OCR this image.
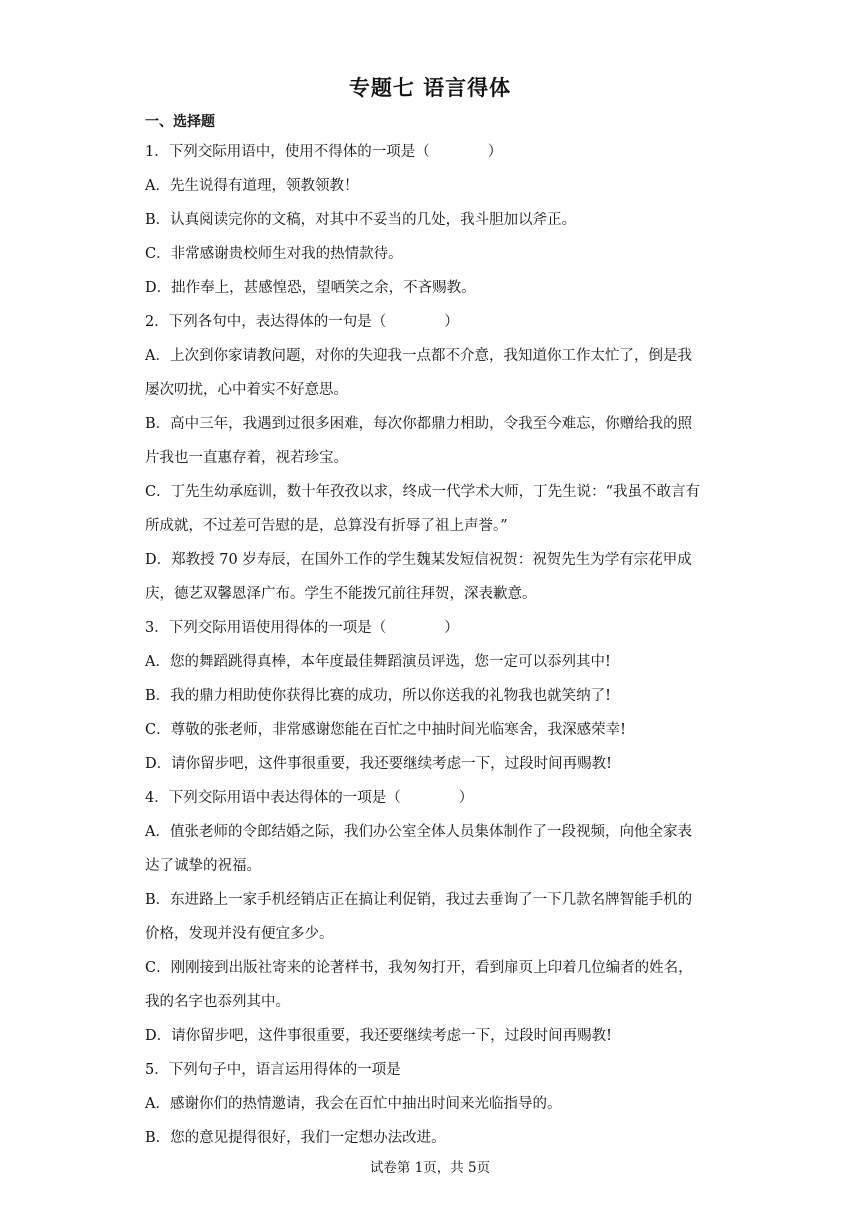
专题七 语言得体
一、选择题
1．下列交际用语中，使用不得体的一项是（　　　　）
A．先生说得有道理，领教领教！
B．认真阅读完你的文稿，对其中不妥当的几处，我斗胆加以斧正。
C．非常感谢贵校师生对我的热情款待。
D．拙作奉上，甚感惶恐，望哂笑之余，不吝赐教。
2．下列各句中，表达得体的一句是（　　　　）
A．上次到你家请教问题，对你的失迎我一点都不介意，我知道你工作太忙了，倒是我
屡次叨扰，心中着实不好意思。
B．高中三年，我遇到过很多困难，每次你都鼎力相助，令我至今难忘，你赠给我的照
片我也一直惠存着，视若珍宝。
C．丁先生幼承庭训，数十年孜孜以求，终成一代学术大师，丁先生说：“我虽不敢言有
所成就，不过差可告慰的是，总算没有折辱了祖上声誉。”
D．郑教授 70 岁寿辰，在国外工作的学生魏某发短信祝贺：祝贺先生为学有宗花甲成
庆，德艺双馨恩泽广布。学生不能拨冗前往拜贺，深表歉意。
3．下列交际用语使用得体的一项是（　　　　）
A．您的舞蹈跳得真棒，本年度最佳舞蹈演员评选，您一定可以忝列其中!
B．我的鼎力相助使你获得比赛的成功，所以你送我的礼物我也就笑纳了!
C．尊敬的张老师，非常感谢您能在百忙之中抽时间光临寒舍，我深感荣幸!
D．请你留步吧，这件事很重要，我还要继续考虑一下，过段时间再赐教!
4．下列交际用语中表达得体的一项是（　　　　）
A．值张老师的令郎结婚之际，我们办公室全体人员集体制作了一段视频，向他全家表
达了诚挚的祝福。
B．东进路上一家手机经销店正在搞让利促销，我过去垂询了一下几款名牌智能手机的
价格，发现并没有便宜多少。
C．刚刚接到出版社寄来的论著样书，我匆匆打开，看到扉页上印着几位编者的姓名，
我的名字也忝列其中。
D．请你留步吧，这件事很重要，我还要继续考虑一下，过段时间再赐教!
5．下列句子中，语言运用得体的一项是
A．感谢你们的热情邀请，我会在百忙中抽出时间来光临指导的。
B．您的意见提得很好，我们一定想办法改进。
试卷第 1页，共 5页
